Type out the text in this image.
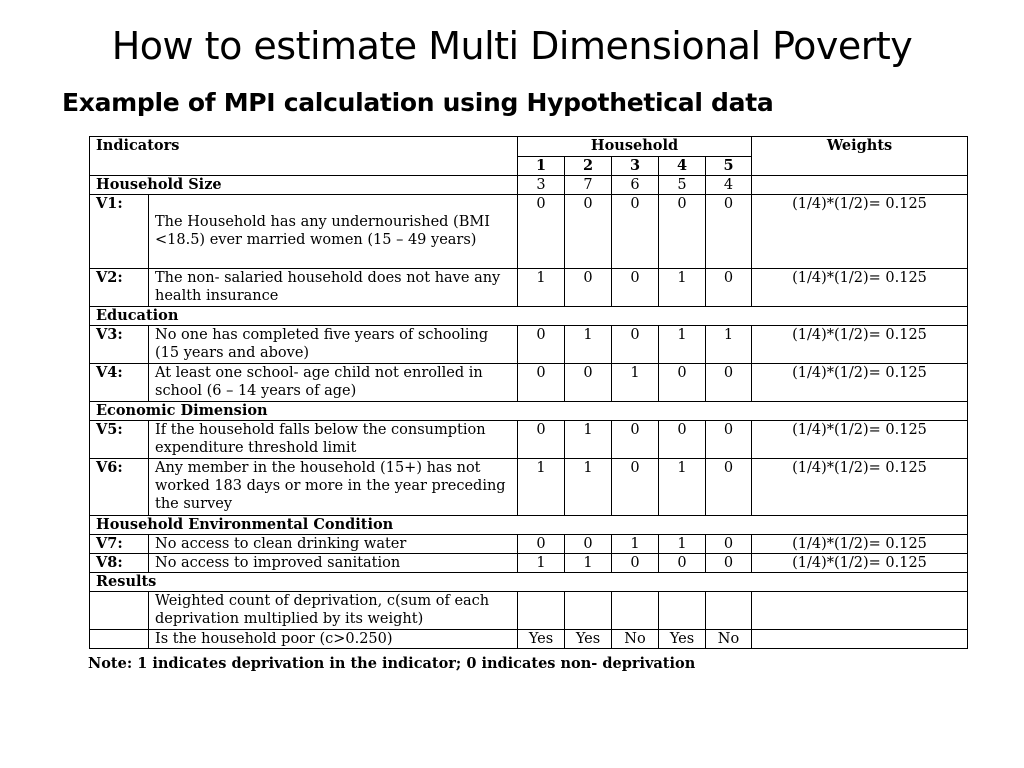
How to estimate Multi Dimensional Poverty
Example of MPI calculation using Hypothetical data
Indicators		Household					Weights
		1	2	3	4	5	
Household Size		3	7	6	5	4	
V1:	The Household has any undernourished (BMI <18.5) ever married women (15 – 49 years)	0	0	0	0	0	(1/4)*(1/2)= 0.125
V2:	The non- salaried household does not have any health insurance	1	0	0	1	0	(1/4)*(1/2)= 0.125
Education							
V3:	No one has completed five years of schooling (15 years and above)	0	1	0	1	1	(1/4)*(1/2)= 0.125
V4:	At least one school- age child not enrolled in school (6 – 14 years of age)	0	0	1	0	0	(1/4)*(1/2)= 0.125
Economic Dimension							
V5:	If the household falls below the consumption expenditure threshold limit	0	1	0	0	0	(1/4)*(1/2)= 0.125
V6:	Any member in the household (15+) has not worked 183 days or more in the year preceding the survey	1	1	0	1	0	(1/4)*(1/2)= 0.125
Household Environmental Condition							
V7:	No access to clean drinking water	0	0	1	1	0	(1/4)*(1/2)= 0.125
V8:	No access to improved sanitation	1	1	0	0	0	(1/4)*(1/2)= 0.125
Results							
	Weighted count of deprivation, c(sum of each deprivation multiplied by its weight)						
	Is the household poor (c>0.250)	Yes	Yes	No	Yes	No	
Note: 1 indicates deprivation in the indicator; 0 indicates non- deprivation
